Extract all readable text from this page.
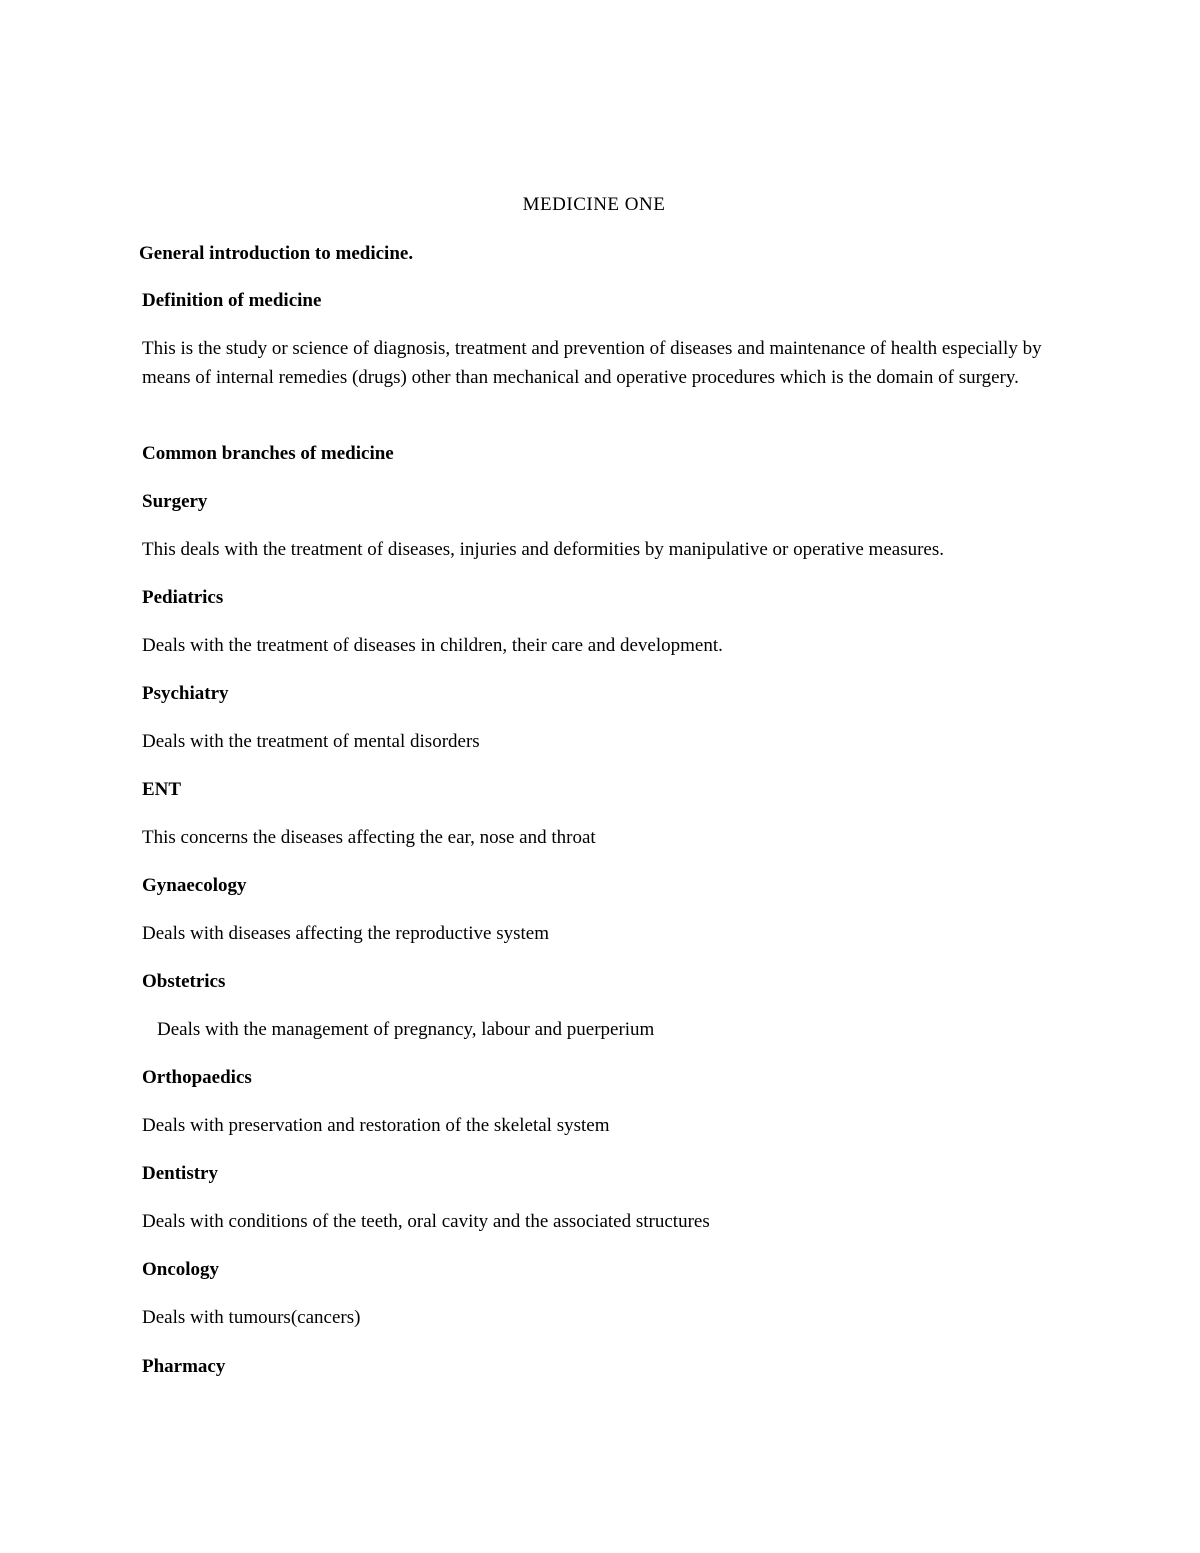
MEDICINE ONE
General introduction to medicine.
Definition of medicine
This is the study or science of diagnosis, treatment and prevention of diseases and maintenance of health especially by means of internal remedies (drugs) other than mechanical and operative procedures which is the domain of surgery.
Common branches of medicine
Surgery
This deals with the treatment of diseases, injuries and deformities by manipulative or operative measures.
Pediatrics
Deals with the treatment of diseases in children, their care and development.
Psychiatry
Deals with the treatment of mental disorders
ENT
This concerns the diseases affecting the ear, nose and throat
Gynaecology
Deals with diseases affecting the reproductive system
Obstetrics
Deals with the management of pregnancy, labour and puerperium
Orthopaedics
Deals with preservation and restoration of the skeletal system
Dentistry
Deals with conditions of the teeth, oral cavity and the associated structures
Oncology
Deals with tumours(cancers)
Pharmacy
